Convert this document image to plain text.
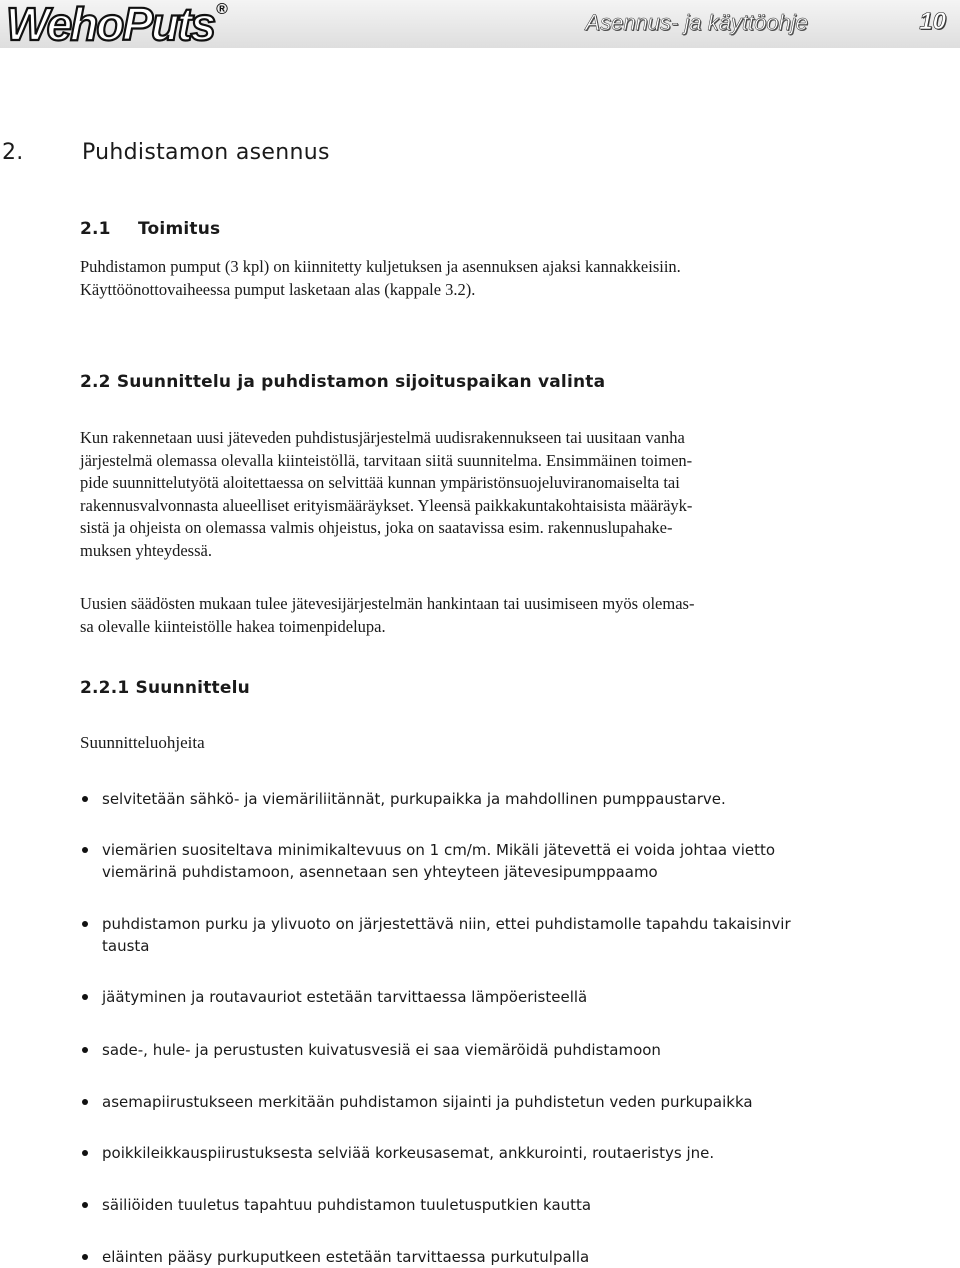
WehoPuts ®
Asennus- ja käyttöohje	10
2.	Puhdistamon asennus
2.1 Toimitus
Puhdistamon pumput (3 kpl) on kiinnitetty kuljetuksen ja asennuksen ajaksi kannakkeisiin.
Käyttöönottovaiheessa pumput lasketaan alas (kappale 3.2).
2.2 Suunnittelu ja puhdistamon sijoituspaikan valinta
Kun rakennetaan uusi jäteveden puhdistusjärjestelmä uudisrakennukseen tai uusitaan vanha
järjestelmä olemassa olevalla kiinteistöllä, tarvitaan siitä suunnitelma. Ensimmäinen toimen-
pide suunnittelutyötä aloitettaessa on selvittää kunnan ympäristönsuojeluviranomaiselta tai
rakennusvalvonnasta alueelliset erityismääräykset. Yleensä paikkakuntakohtaisista määräyk-
sistä ja ohjeista on olemassa valmis ohjeistus, joka on saatavissa esim. rakennuslupahake-
muksen yhteydessä.
Uusien säädösten mukaan tulee jätevesijärjestelmän hankintaan tai uusimiseen myös olemas-
sa olevalle kiinteistölle hakea toimenpidelupa.
2.2.1 Suunnittelu
Suunnitteluohjeita
selvitetään sähkö- ja viemäriliitännät, purkupaikka ja mahdollinen pumppaustarve.
viemärien suositeltava minimikaltevuus on 1 cm/m. Mikäli jätevettä ei voida johtaa vietto
viemärinä puhdistamoon, asennetaan sen yhteyteen jätevesipumppaamo
puhdistamon purku ja ylivuoto on järjestettävä niin, ettei puhdistamolle tapahdu takaisinvir
tausta
jäätyminen ja routavauriot estetään tarvittaessa lämpöeristeellä
sade-, hule- ja perustusten kuivatusvesiä ei saa viemäröidä puhdistamoon
asemapiirustukseen merkitään puhdistamon sijainti ja puhdistetun veden purkupaikka
poikkileikkauspiirustuksesta selviää korkeusasemat, ankkurointi, routaeristys jne.
säiliöiden tuuletus tapahtuu puhdistamon tuuletusputkien kautta
eläinten pääsy purkuputkeen estetään tarvittaessa purkutulpalla
